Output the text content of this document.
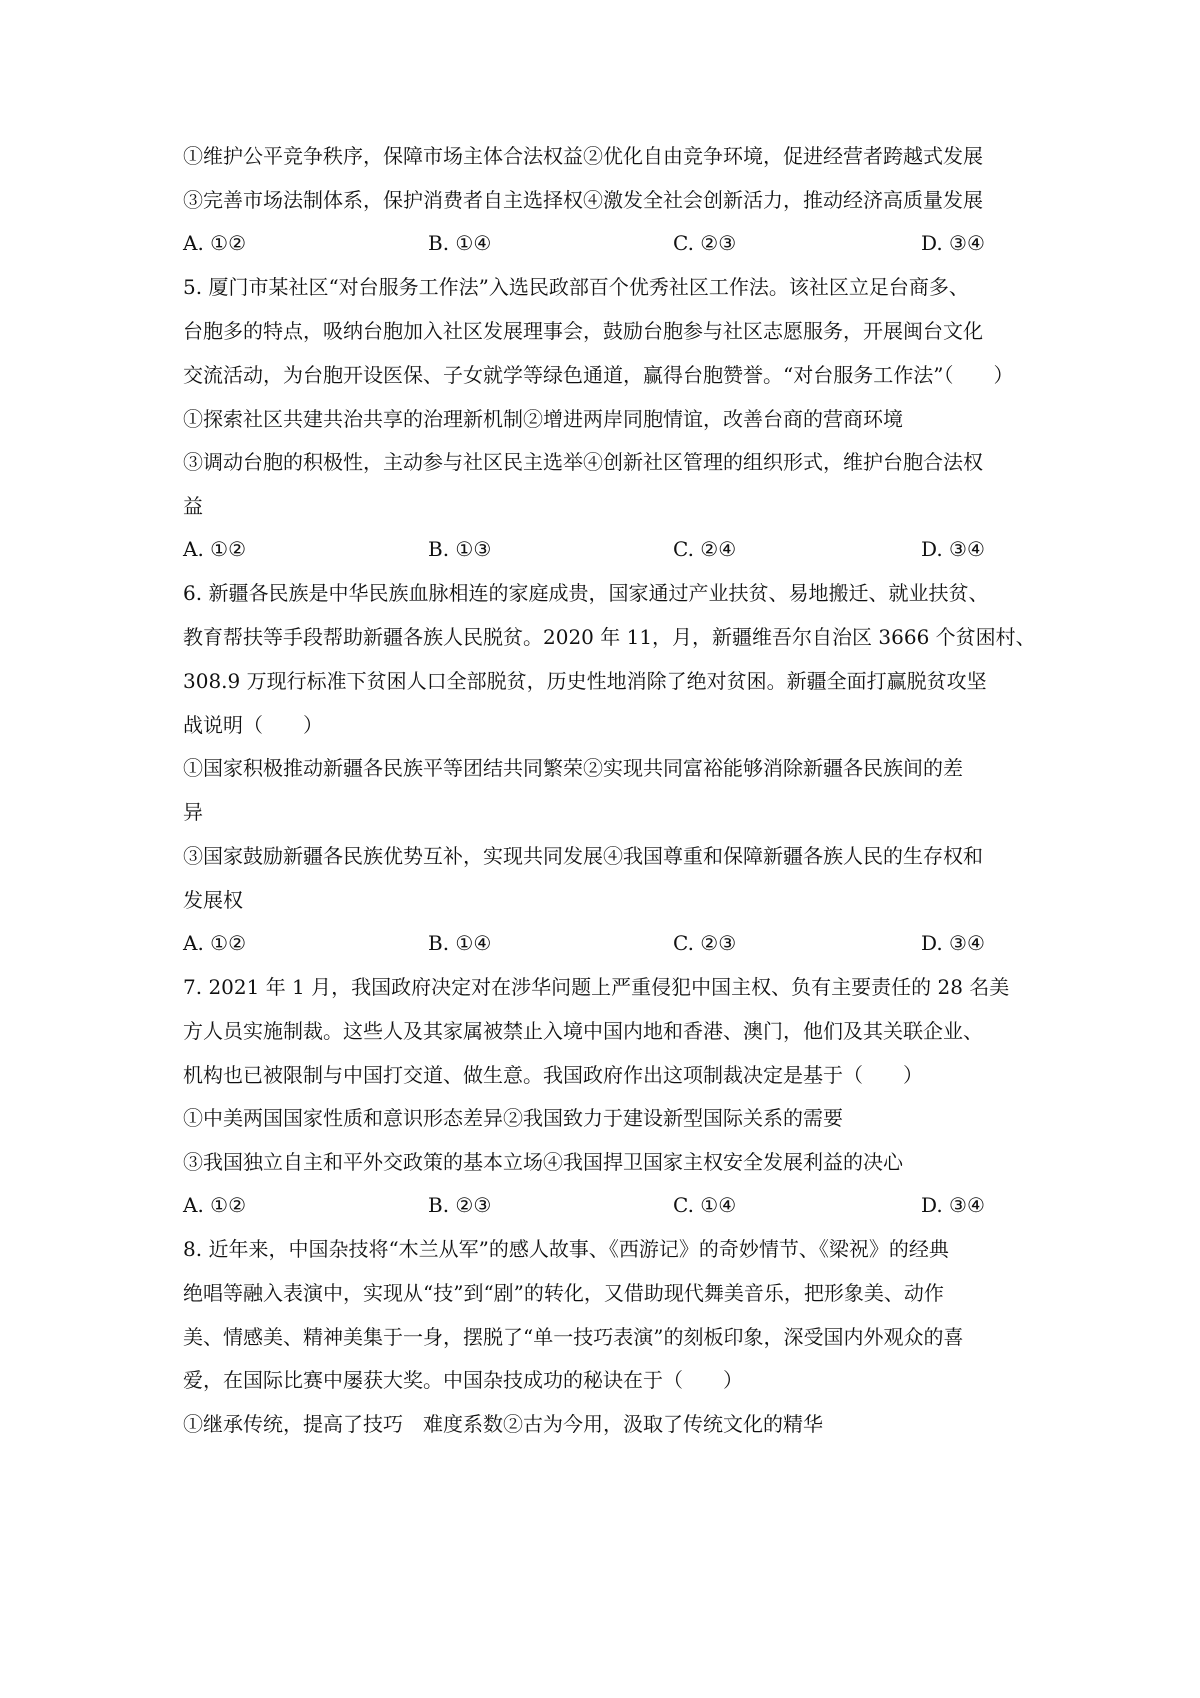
①维护公平竞争秩序，保障市场主体合法权益②优化自由竞争环境，促进经营者跨越式发展
③完善市场法制体系，保护消费者自主选择权④激发全社会创新活力，推动经济高质量发展
A. ①②	B. ①④	C. ②③	D. ③④
5. 厦门市某社区“对台服务工作法”入选民政部百个优秀社区工作法。该社区立足台商多、
台胞多的特点，吸纳台胞加入社区发展理事会，鼓励台胞参与社区志愿服务，开展闽台文化
交流活动，为台胞开设医保、子女就学等绿色通道，赢得台胞赞誉。“对台服务工作法”（　　）
①探索社区共建共治共享的治理新机制②增进两岸同胞情谊，改善台商的营商环境
③调动台胞的积极性，主动参与社区民主选举④创新社区管理的组织形式，维护台胞合法权
益
A. ①②	B. ①③	C. ②④	D. ③④
6. 新疆各民族是中华民族血脉相连的家庭成贵，国家通过产业扶贫、易地搬迁、就业扶贫、
教育帮扶等手段帮助新疆各族人民脱贫。2020 年 11，月，新疆维吾尔自治区 3666 个贫困村、
308.9 万现行标准下贫困人口全部脱贫，历史性地消除了绝对贫困。新疆全面打赢脱贫攻坚
战说明（　　）
①国家积极推动新疆各民族平等团结共同繁荣②实现共同富裕能够消除新疆各民族间的差
异
③国家鼓励新疆各民族优势互补，实现共同发展④我国尊重和保障新疆各族人民的生存权和
发展权
A. ①②	B. ①④	C. ②③	D. ③④
7. 2021 年 1 月，我国政府决定对在涉华问题上严重侵犯中国主权、负有主要责任的 28 名美
方人员实施制裁。这些人及其家属被禁止入境中国内地和香港、澳门，他们及其关联企业、
机构也已被限制与中国打交道、做生意。我国政府作出这项制裁决定是基于（　　）
①中美两国国家性质和意识形态差异②我国致力于建设新型国际关系的需要
③我国独立自主和平外交政策的基本立场④我国捍卫国家主权安全发展利益的决心
A. ①②	B. ②③	C. ①④	D. ③④
8. 近年来，中国杂技将“木兰从军”的感人故事、《西游记》的奇妙情节、《梁祝》的经典
绝唱等融入表演中，实现从“技”到“剧”的转化，又借助现代舞美音乐，把形象美、动作
美、情感美、精神美集于一身，摆脱了“单一技巧表演”的刻板印象，深受国内外观众的喜
爱，在国际比赛中屡获大奖。中国杂技成功的秘诀在于（　　）
①继承传统，提高了技巧　难度系数②古为今用，汲取了传统文化的精华
